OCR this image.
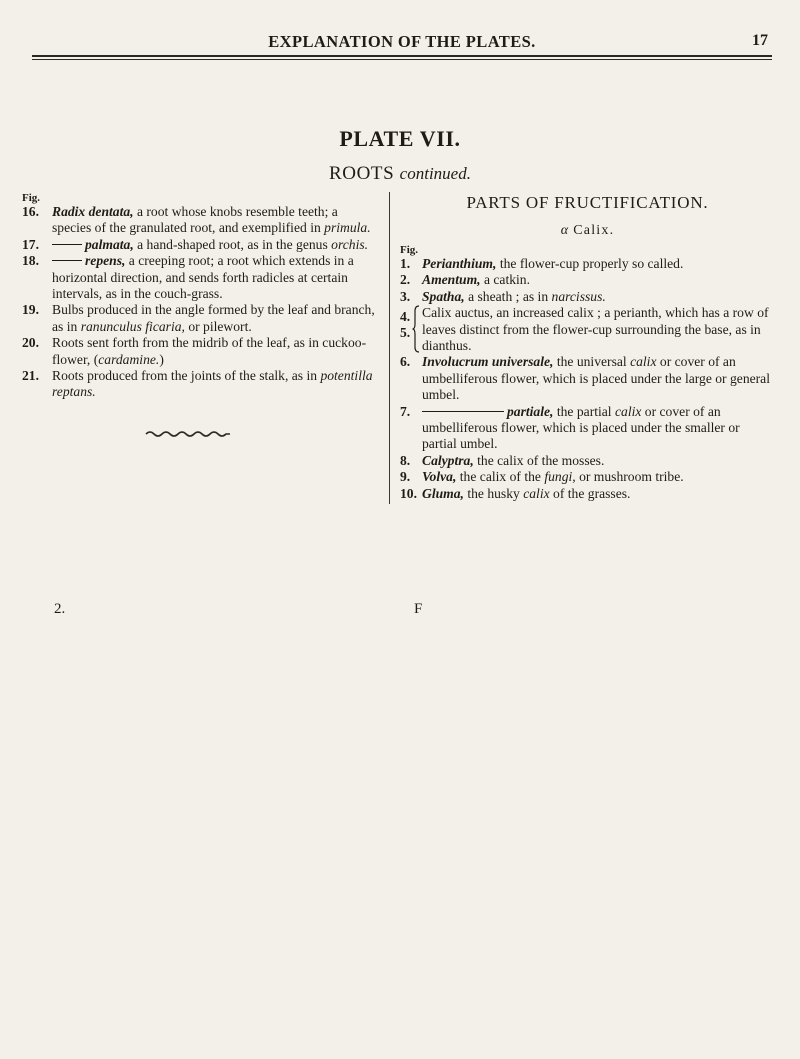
EXPLANATION OF THE PLATES.	17
PLATE VII.
ROOTS continued.
Fig.
16. Radix dentata, a root whose knobs resemble teeth; a species of the granulated root, and exemplified in primula.
17.	palmata, a hand-shaped root, as in the genus orchis.
18.	repens, a creeping root; a root which extends in a horizontal direction, and sends forth radicles at certain intervals, as in the couch-grass.
19. Bulbs produced in the angle formed by the leaf and branch, as in ranunculus ficaria, or pilewort.
20. Roots sent forth from the midrib of the leaf, as in cuckoo-flower, (cardamine.)
21. Roots produced from the joints of the stalk, as in potentilla reptans.
PARTS OF FRUCTIFICATION.
α Calix.
Fig.
1. Perianthium, the flower-cup properly so called.
2. Amentum, a catkin.
3. Spatha, a sheath ; as in narcissus.
4.
5.
Calix auctus, an increased calix ; a perianth, which has a row of leaves distinct from the flower-cup surrounding the base, as in dianthus.
6. Involucrum universale, the universal calix or cover of an umbelliferous flower, which is placed under the large or general umbel.
7.	partiale, the partial calix or cover of an umbelliferous flower, which is placed under the smaller or partial umbel.
8. Calyptra, the calix of the mosses.
9. Volva, the calix of the fungi, or mushroom tribe.
10. Gluma, the husky calix of the grasses.
2.	F
